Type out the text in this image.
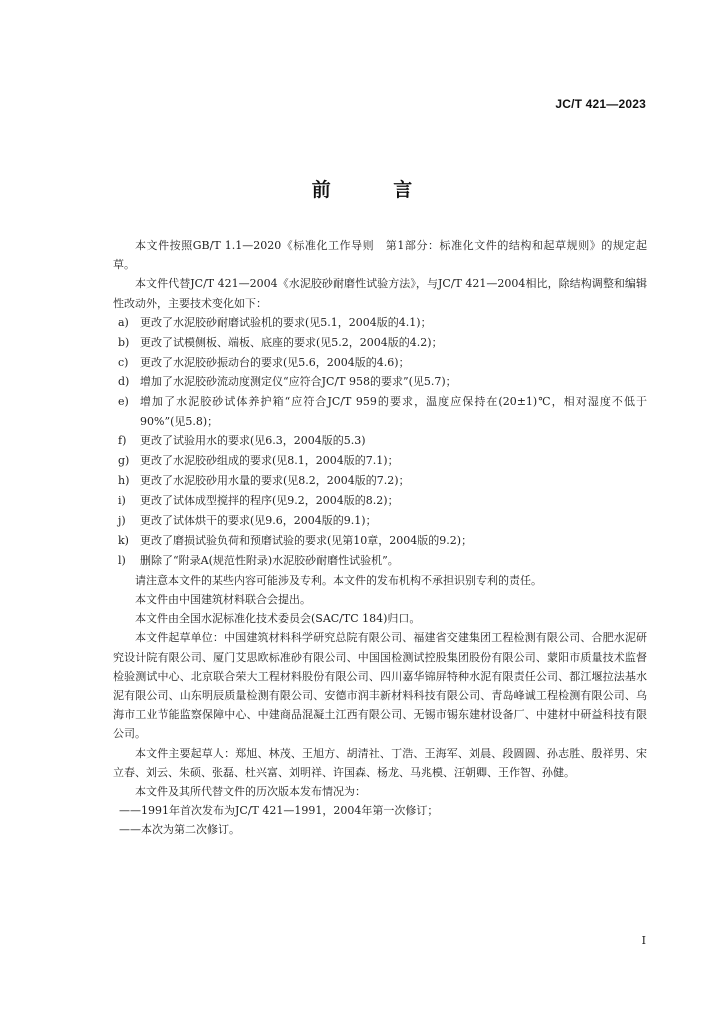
JC/T 421—2023
前 言

本文件按照GB/T 1.1—2020《标准化工作导则　第1部分：标准化文件的结构和起草规则》的规定起草。

本文件代替JC/T 421—2004《水泥胶砂耐磨性试验方法》，与JC/T 421—2004相比，除结构调整和编辑性改动外，主要技术变化如下：

a)	更改了水泥胶砂耐磨试验机的要求(见5.1，2004版的4.1)；
b) 更改了试模侧板、端板、底座的要求(见5.2，2004版的4.2)；
c)	更改了水泥胶砂振动台的要求(见5.6，2004版的4.6)；
d) 增加了水泥胶砂流动度测定仪“应符合JC/T 958的要求”(见5.7)；
e)	增加了水泥胶砂试体养护箱“应符合JC/T 959的要求，温度应保持在(20±1)℃，相对湿度不低于90%”(见5.8)；
f)	更改了试验用水的要求(见6.3，2004版的5.3)
g) 更改了水泥胶砂组成的要求(见8.1，2004版的7.1)；
h) 更改了水泥胶砂用水量的要求(见8.2，2004版的7.2)；
i)	更改了试体成型搅拌的程序(见9.2，2004版的8.2)；
j)	更改了试体烘干的要求(见9.6，2004版的9.1)；
k)	更改了磨损试验负荷和预磨试验的要求(见第10章，2004版的9.2)；
l)	删除了“附录A(规范性附录)水泥胶砂耐磨性试验机”。

请注意本文件的某些内容可能涉及专利。本文件的发布机构不承担识别专利的责任。

本文件由中国建筑材料联合会提出。

本文件由全国水泥标准化技术委员会(SAC/TC 184)归口。

本文件起草单位：中国建筑材料科学研究总院有限公司、福建省交建集团工程检测有限公司、合肥水泥研究设计院有限公司、厦门艾思欧标准砂有限公司、中国国检测试控股集团股份有限公司、蒙阳市质量技术监督检验测试中心、北京联合荣大工程材料股份有限公司、四川嘉华锦屏特种水泥有限责任公司、都江堰拉法基水泥有限公司、山东明辰质量检测有限公司、安德市润丰新材料科技有限公司、青岛峰诚工程检测有限公司、乌海市工业节能监察保障中心、中建商品混凝土江西有限公司、无锡市锡东建材设备厂、中建材中研益科技有限公司。

本文件主要起草人：郑旭、林茂、王旭方、胡清社、丁浩、王海军、刘晨、段圆圆、孙志胜、殷祥男、宋立春、刘云、朱硕、张磊、杜兴富、刘明祥、许国森、杨龙、马兆模、汪朝卿、王作智、孙健。

本文件及其所代替文件的历次版本发布情况为：

——1991年首次发布为JC/T 421—1991，2004年第一次修订；

——本次为第二次修订。

I
